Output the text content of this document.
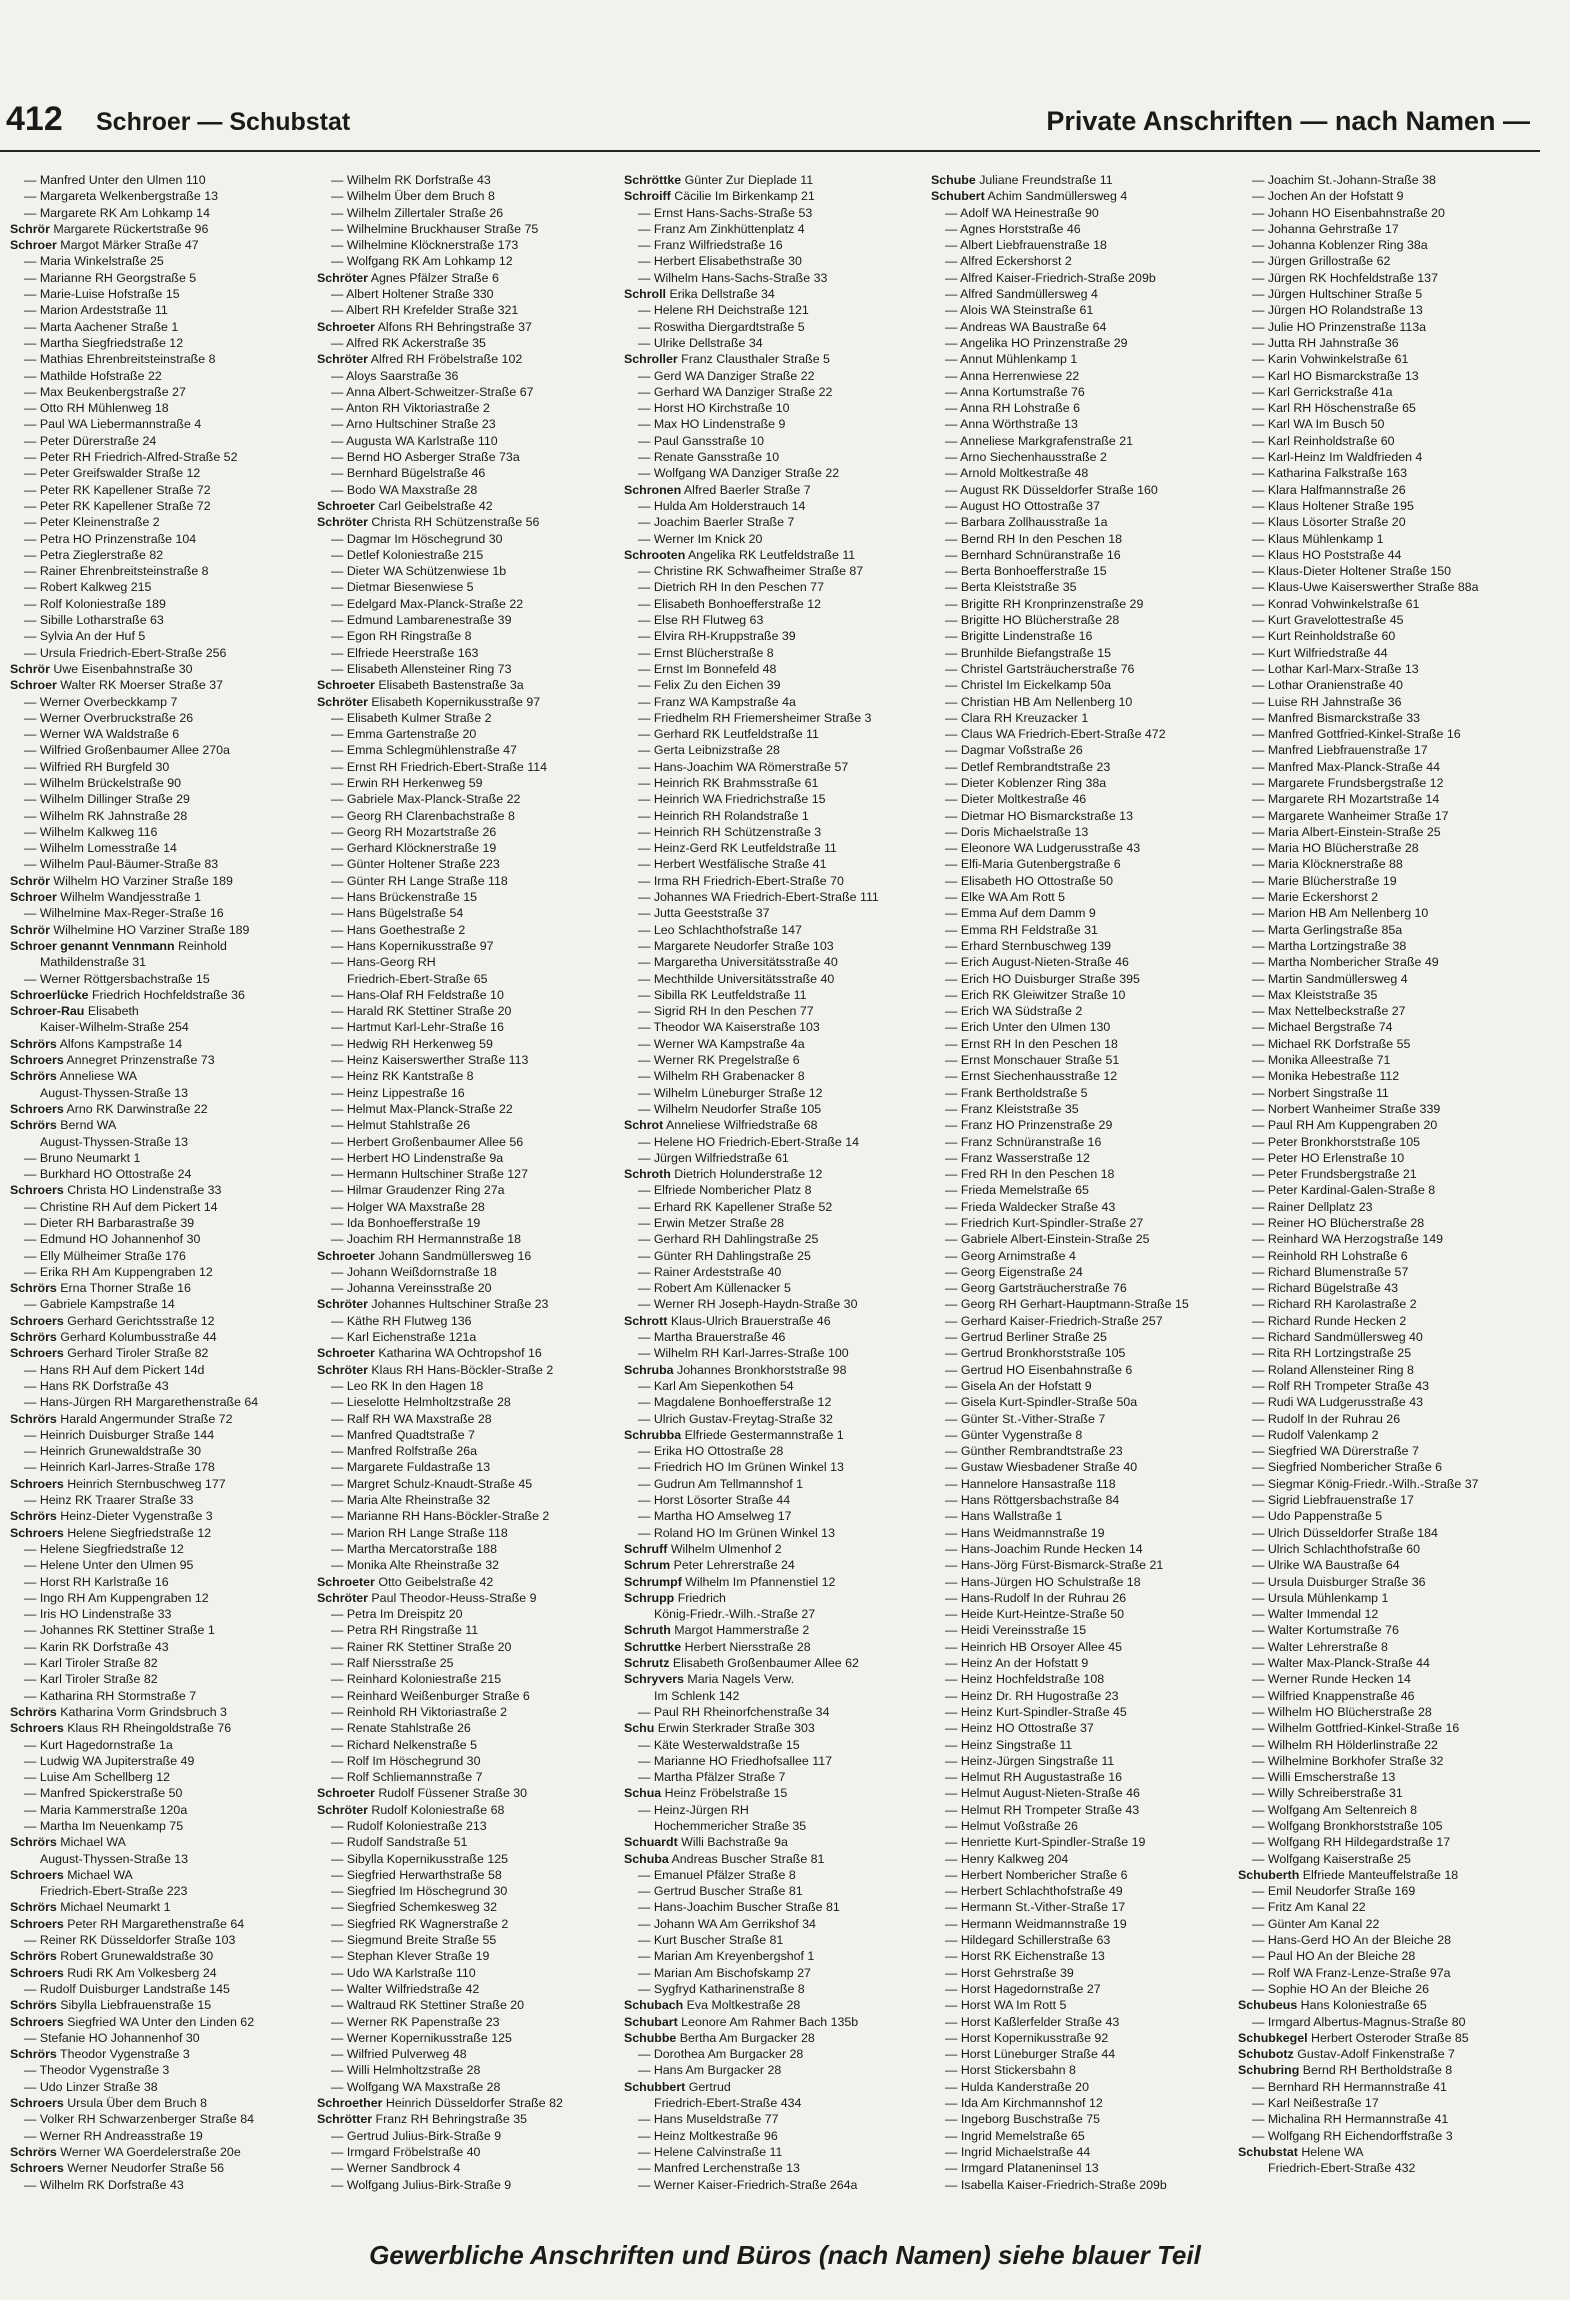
412 Schroer — Schubstat	Private Anschriften — nach Namen —
— Manfred Unter den Ulmen 110
— Margareta Welkenbergstraße 13
— Margarete RK Am Lohkamp 14
Schrör Margarete Rückertstraße 96
Schroer Margot Märker Straße 47
— Maria Winkelstraße 25
— Marianne RH Georgstraße 5
— Marie-Luise Hofstraße 15
— Marion Ardeststraße 11
— Marta Aachener Straße 1
— Martha Siegfriedstraße 12
— Mathias Ehrenbreitsteinstraße 8
— Mathilde Hofstraße 22
— Max Beukenbergstraße 27
— Otto RH Mühlenweg 18
— Paul WA Liebermannstraße 4
— Peter Dürerstraße 24
— Peter RH Friedrich-Alfred-Straße 52
— Peter Greifswalder Straße 12
— Peter RK Kapellener Straße 72
— Peter RK Kapellener Straße 72
— Peter Kleinenstraße 2
— Petra HO Prinzenstraße 104
— Petra Zieglerstraße 82
— Rainer Ehrenbreitsteinstraße 8
— Robert Kalkweg 215
— Rolf Koloniestraße 189
— Sibille Lotharstraße 63
— Sylvia An der Huf 5
— Ursula Friedrich-Ebert-Straße 256
Schrör Uwe Eisenbahnstraße 30
Schroer Walter RK Moerser Straße 37
— Werner Overbeckkamp 7
— Werner Overbruckstraße 26
— Werner WA Waldstraße 6
— Wilfried Großenbaumer Allee 270a
— Wilfried RH Burgfeld 30
— Wilhelm Brückelstraße 90
— Wilhelm Dillinger Straße 29
— Wilhelm RK Jahnstraße 28
— Wilhelm Kalkweg 116
— Wilhelm Lomesstraße 14
— Wilhelm Paul-Bäumer-Straße 83
Schrör Wilhelm HO Varziner Straße 189
Schroer Wilhelm Wandjesstraße 1
— Wilhelmine Max-Reger-Straße 16
Schrör Wilhelmine HO Varziner Straße 189
Schroer genannt Vennmann Reinhold
Mathildenstraße 31
— Werner Röttgersbachstraße 15
Schroerlücke Friedrich Hochfeldstraße 36
Schroer-Rau Elisabeth
Kaiser-Wilhelm-Straße 254
Schrörs Alfons Kampstraße 14
Schroers Annegret Prinzenstraße 73
Schrörs Anneliese WA
August-Thyssen-Straße 13
Schroers Arno RK Darwinstraße 22
Schrörs Bernd WA
August-Thyssen-Straße 13
— Bruno Neumarkt 1
— Burkhard HO Ottostraße 24
Schroers Christa HO Lindenstraße 33
— Christine RH Auf dem Pickert 14
— Dieter RH Barbarastraße 39
— Edmund HO Johannenhof 30
— Elly Mülheimer Straße 176
— Erika RH Am Kuppengraben 12
Schrörs Erna Thorner Straße 16
— Gabriele Kampstraße 14
Schroers Gerhard Gerichtsstraße 12
Schrörs Gerhard Kolumbusstraße 44
Schroers Gerhard Tiroler Straße 82
— Hans RH Auf dem Pickert 14d
— Hans RK Dorfstraße 43
— Hans-Jürgen RH Margarethenstraße 64
Schrörs Harald Angermunder Straße 72
— Heinrich Duisburger Straße 144
— Heinrich Grunewaldstraße 30
— Heinrich Karl-Jarres-Straße 178
Schroers Heinrich Sternbuschweg 177
— Heinz RK Traarer Straße 33
Schrörs Heinz-Dieter Vygenstraße 3
Schroers Helene Siegfriedstraße 12
— Helene Siegfriedstraße 12
— Helene Unter den Ulmen 95
— Horst RH Karlstraße 16
— Ingo RH Am Kuppengraben 12
— Iris HO Lindenstraße 33
— Johannes RK Stettiner Straße 1
— Karin RK Dorfstraße 43
— Karl Tiroler Straße 82
— Karl Tiroler Straße 82
— Katharina RH Stormstraße 7
Schrörs Katharina Vorm Grindsbruch 3
Schroers Klaus RH Rheingoldstraße 76
— Kurt Hagedornstraße 1a
— Ludwig WA Jupiterstraße 49
— Luise Am Schellberg 12
— Manfred Spickerstraße 50
— Maria Kammerstraße 120a
— Martha Im Neuenkamp 75
Schrörs Michael WA
August-Thyssen-Straße 13
Schroers Michael WA
Friedrich-Ebert-Straße 223
Schrörs Michael Neumarkt 1
Schroers Peter RH Margarethenstraße 64
— Reiner RK Düsseldorfer Straße 103
Schrörs Robert Grunewaldstraße 30
Schroers Rudi RK Am Volkesberg 24
— Rudolf Duisburger Landstraße 145
Schrörs Sibylla Liebfrauenstraße 15
Schroers Siegfried WA Unter den Linden 62
— Stefanie HO Johannenhof 30
Schrörs Theodor Vygenstraße 3
— Theodor Vygenstraße 3
— Udo Linzer Straße 38
Schroers Ursula Über dem Bruch 8
— Volker RH Schwarzenberger Straße 84
— Werner RH Andreasstraße 19
Schrörs Werner WA Goerdelerstraße 20e
Schroers Werner Neudorfer Straße 56
— Wilhelm RK Dorfstraße 43
— Wilhelm RK Dorfstraße 43
— Wilhelm Über dem Bruch 8
— Wilhelm Zillertaler Straße 26
— Wilhelmine Bruckhauser Straße 75
— Wilhelmine Klöcknerstraße 173
— Wolfgang RK Am Lohkamp 12
Schröter Agnes Pfälzer Straße 6
— Albert Holtener Straße 330
— Albert RH Krefelder Straße 321
Schroeter Alfons RH Behringstraße 37
— Alfred RK Ackerstraße 35
Schröter Alfred RH Fröbelstraße 102
— Aloys Saarstraße 36
— Anna Albert-Schweitzer-Straße 67
— Anton RH Viktoriastraße 2
— Arno Hultschiner Straße 23
— Augusta WA Karlstraße 110
— Bernd HO Asberger Straße 73a
— Bernhard Bügelstraße 46
— Bodo WA Maxstraße 28
Schroeter Carl Geibelstraße 42
Schröter Christa RH Schützenstraße 56
— Dagmar Im Höschegrund 30
— Detlef Koloniestraße 215
— Dieter WA Schützenwiese 1b
— Dietmar Biesenwiese 5
— Edelgard Max-Planck-Straße 22
— Edmund Lambarenestraße 39
— Egon RH Ringstraße 8
— Elfriede Heerstraße 163
— Elisabeth Allensteiner Ring 73
Schroeter Elisabeth Bastenstraße 3a
Schröter Elisabeth Kopernikusstraße 97
— Elisabeth Kulmer Straße 2
— Emma Gartenstraße 20
— Emma Schlegmühlenstraße 47
— Ernst RH Friedrich-Ebert-Straße 114
— Erwin RH Herkenweg 59
— Gabriele Max-Planck-Straße 22
— Georg RH Clarenbachstraße 8
— Georg RH Mozartstraße 26
— Gerhard Klöcknerstraße 19
— Günter Holtener Straße 223
— Günter RH Lange Straße 118
— Hans Brückenstraße 15
— Hans Bügelstraße 54
— Hans Goethestraße 2
— Hans Kopernikusstraße 97
— Hans-Georg RH
Friedrich-Ebert-Straße 65
— Hans-Olaf RH Feldstraße 10
— Harald RK Stettiner Straße 20
— Hartmut Karl-Lehr-Straße 16
— Hedwig RH Herkenweg 59
— Heinz Kaiserswerther Straße 113
— Heinz RK Kantstraße 8
— Heinz Lippestraße 16
— Helmut Max-Planck-Straße 22
— Helmut Stahlstraße 26
— Herbert Großenbaumer Allee 56
— Herbert HO Lindenstraße 9a
— Hermann Hultschiner Straße 127
— Hilmar Graudenzer Ring 27a
— Holger WA Maxstraße 28
— Ida Bonhoefferstraße 19
— Joachim RH Hermannstraße 18
Schroeter Johann Sandmüllersweg 16
— Johann Weißdornstraße 18
— Johanna Vereinsstraße 20
Schröter Johannes Hultschiner Straße 23
— Käthe RH Flutweg 136
— Karl Eichenstraße 121a
Schroeter Katharina WA Ochtropshof 16
Schröter Klaus RH Hans-Böckler-Straße 2
— Leo RK In den Hagen 18
— Lieselotte Helmholtzstraße 28
— Ralf RH WA Maxstraße 28
— Manfred Quadtstraße 7
— Manfred Rolfstraße 26a
— Margarete Fuldastraße 13
— Margret Schulz-Knaudt-Straße 45
— Maria Alte Rheinstraße 32
— Marianne RH Hans-Böckler-Straße 2
— Marion RH Lange Straße 118
— Martha Mercatorstraße 188
— Monika Alte Rheinstraße 32
Schroeter Otto Geibelstraße 42
Schröter Paul Theodor-Heuss-Straße 9
— Petra Im Dreispitz 20
— Petra RH Ringstraße 11
— Rainer RK Stettiner Straße 20
— Ralf Niersstraße 25
— Reinhard Koloniestraße 215
— Reinhard Weißenburger Straße 6
— Reinhold RH Viktoriastraße 2
— Renate Stahlstraße 26
— Richard Nelkenstraße 5
— Rolf Im Höschegrund 30
— Rolf Schliemannstraße 7
Schroeter Rudolf Füssener Straße 30
Schröter Rudolf Koloniestraße 68
— Rudolf Koloniestraße 213
— Rudolf Sandstraße 51
— Sibylla Kopernikusstraße 125
— Siegfried Herwarthstraße 58
— Siegfried Im Höschegrund 30
— Siegfried Schemkesweg 32
— Siegfried RK Wagnerstraße 2
— Siegmund Breite Straße 55
— Stephan Klever Straße 19
— Udo WA Karlstraße 110
— Walter Wilfriedstraße 42
— Waltraud RK Stettiner Straße 20
— Werner RK Papenstraße 23
— Werner Kopernikusstraße 125
— Wilfried Pulverweg 48
— Willi Helmholtzstraße 28
— Wolfgang WA Maxstraße 28
Schroether Heinrich Düsseldorfer Straße 82
Schrötter Franz RH Behringstraße 35
— Gertrud Julius-Birk-Straße 9
— Irmgard Fröbelstraße 40
— Werner Sandbrock 4
— Wolfgang Julius-Birk-Straße 9
Schröttke Günter Zur Dieplade 11
Schroiff Cäcilie Im Birkenkamp 21
— Ernst Hans-Sachs-Straße 53
— Franz Am Zinkhüttenplatz 4
— Franz Wilfriedstraße 16
— Herbert Elisabethstraße 30
— Wilhelm Hans-Sachs-Straße 33
Schroll Erika Dellstraße 34
— Helene RH Deichstraße 121
— Roswitha Diergardtstraße 5
— Ulrike Dellstraße 34
Schroller Franz Clausthaler Straße 5
— Gerd WA Danziger Straße 22
— Gerhard WA Danziger Straße 22
— Horst HO Kirchstraße 10
— Max HO Lindenstraße 9
— Paul Gansstraße 10
— Renate Gansstraße 10
— Wolfgang WA Danziger Straße 22
Schronen Alfred Baerler Straße 7
— Hulda Am Holderstrauch 14
— Joachim Baerler Straße 7
— Werner Im Knick 20
Schrooten Angelika RK Leutfeldstraße 11
— Christine RK Schwafheimer Straße 87
— Dietrich RH In den Peschen 77
— Elisabeth Bonhoefferstraße 12
— Else RH Flutweg 63
— Elvira RH-Kruppstraße 39
— Ernst Blücherstraße 8
— Ernst Im Bonnefeld 48
— Felix Zu den Eichen 39
— Franz WA Kampstraße 4a
— Friedhelm RH Friemersheimer Straße 3
— Gerhard RK Leutfeldstraße 11
— Gerta Leibnizstraße 28
— Hans-Joachim WA Römerstraße 57
— Heinrich RK Brahmsstraße 61
— Heinrich WA Friedrichstraße 15
— Heinrich RH Rolandstraße 1
— Heinrich RH Schützenstraße 3
— Heinz-Gerd RK Leutfeldstraße 11
— Herbert Westfälische Straße 41
— Irma RH Friedrich-Ebert-Straße 70
— Johannes WA Friedrich-Ebert-Straße 111
— Jutta Geeststraße 37
— Leo Schlachthofstraße 147
— Margarete Neudorfer Straße 103
— Margaretha Universitätsstraße 40
— Mechthilde Universitätsstraße 40
— Sibilla RK Leutfeldstraße 11
— Sigrid RH In den Peschen 77
— Theodor WA Kaiserstraße 103
— Werner WA Kampstraße 4a
— Werner RK Pregelstraße 6
— Wilhelm RH Grabenacker 8
— Wilhelm Lüneburger Straße 12
— Wilhelm Neudorfer Straße 105
Schrot Anneliese Wilfriedstraße 68
— Helene HO Friedrich-Ebert-Straße 14
— Jürgen Wilfriedstraße 61
Schroth Dietrich Holunderstraße 12
— Elfriede Nombericher Platz 8
— Erhard RK Kapellener Straße 52
— Erwin Metzer Straße 28
— Gerhard RH Dahlingstraße 25
— Günter RH Dahlingstraße 25
— Rainer Ardeststraße 40
— Robert Am Küllenacker 5
— Werner RH Joseph-Haydn-Straße 30
Schrott Klaus-Ulrich Brauerstraße 46
— Martha Brauerstraße 46
— Wilhelm RH Karl-Jarres-Straße 100
Schruba Johannes Bronkhorststraße 98
— Karl Am Siepenkothen 54
— Magdalene Bonhoefferstraße 12
— Ulrich Gustav-Freytag-Straße 32
Schrubba Elfriede Gestermannstraße 1
— Erika HO Ottostraße 28
— Friedrich HO Im Grünen Winkel 13
— Gudrun Am Tellmannshof 1
— Horst Lösorter Straße 44
— Martha HO Amselweg 17
— Roland HO Im Grünen Winkel 13
Schruff Wilhelm Ulmenhof 2
Schrum Peter Lehrerstraße 24
Schrumpf Wilhelm Im Pfannenstiel 12
Schrupp Friedrich
König-Friedr.-Wilh.-Straße 27
Schruth Margot Hammerstraße 2
Schruttke Herbert Niersstraße 28
Schrutz Elisabeth Großenbaumer Allee 62
Schryvers Maria Nagels Verw.
Im Schlenk 142
— Paul RH Rheinorfchenstraße 34
Schu Erwin Sterkrader Straße 303
— Käte Westerwaldstraße 15
— Marianne HO Friedhofsallee 117
— Martha Pfälzer Straße 7
Schua Heinz Fröbelstraße 15
— Heinz-Jürgen RH
Hochemmericher Straße 35
Schuardt Willi Bachstraße 9a
Schuba Andreas Buscher Straße 81
— Emanuel Pfälzer Straße 8
— Gertrud Buscher Straße 81
— Hans-Joachim Buscher Straße 81
— Johann WA Am Gerrikshof 34
— Kurt Buscher Straße 81
— Marian Am Kreyenbergshof 1
— Marian Am Bischofskamp 27
— Sygfryd Katharinenstraße 8
Schubach Eva Moltkestraße 28
Schubart Leonore Am Rahmer Bach 135b
Schubbe Bertha Am Burgacker 28
— Dorothea Am Burgacker 28
— Hans Am Burgacker 28
Schubbert Gertrud
Friedrich-Ebert-Straße 434
— Hans Museldstraße 77
— Heinz Moltkestraße 96
— Helene Calvinstraße 11
— Manfred Lerchenstraße 13
— Werner Kaiser-Friedrich-Straße 264a
Schube Juliane Freundstraße 11
Schubert Achim Sandmüllersweg 4
— Adolf WA Heinestraße 90
— Agnes Horststraße 46
— Albert Liebfrauenstraße 18
— Alfred Eckershorst 2
— Alfred Kaiser-Friedrich-Straße 209b
— Alfred Sandmüllersweg 4
— Alois WA Steinstraße 61
— Andreas WA Baustraße 64
— Angelika HO Prinzenstraße 29
— Annut Mühlenkamp 1
— Anna Herrenwiese 22
— Anna Kortumstraße 76
— Anna RH Lohstraße 6
— Anna Wörthstraße 13
— Anneliese Markgrafenstraße 21
— Arno Siechenhausstraße 2
— Arnold Moltkestraße 48
— August RK Düsseldorfer Straße 160
— August HO Ottostraße 37
— Barbara Zollhausstraße 1a
— Bernd RH In den Peschen 18
— Bernhard Schnüranstraße 16
— Berta Bonhoefferstraße 15
— Berta Kleiststraße 35
— Brigitte RH Kronprinzenstraße 29
— Brigitte HO Blücherstraße 28
— Brigitte Lindenstraße 16
— Brunhilde Biefangstraße 15
— Christel Gartsträucherstraße 76
— Christel Im Eickelkamp 50a
— Christian HB Am Nellenberg 10
— Clara RH Kreuzacker 1
— Claus WA Friedrich-Ebert-Straße 472
— Dagmar Voßstraße 26
— Detlef Rembrandtstraße 23
— Dieter Koblenzer Ring 38a
— Dieter Moltkestraße 46
— Dietmar HO Bismarckstraße 13
— Doris Michaelstraße 13
— Eleonore WA Ludgerusstraße 43
— Elfi-Maria Gutenbergstraße 6
— Elisabeth HO Ottostraße 50
— Elke WA Am Rott 5
— Emma Auf dem Damm 9
— Emma RH Feldstraße 31
— Erhard Sternbuschweg 139
— Erich August-Nieten-Straße 46
— Erich HO Duisburger Straße 395
— Erich RK Gleiwitzer Straße 10
— Erich WA Südstraße 2
— Erich Unter den Ulmen 130
— Ernst RH In den Peschen 18
— Ernst Monschauer Straße 51
— Ernst Siechenhausstraße 12
— Frank Bertholdstraße 5
— Franz Kleiststraße 35
— Franz HO Prinzenstraße 29
— Franz Schnüranstraße 16
— Franz Wasserstraße 12
— Fred RH In den Peschen 18
— Frieda Memelstraße 65
— Frieda Waldecker Straße 43
— Friedrich Kurt-Spindler-Straße 27
— Gabriele Albert-Einstein-Straße 25
— Georg Arnimstraße 4
— Georg Eigenstraße 24
— Georg Gartsträucherstraße 76
— Georg RH Gerhart-Hauptmann-Straße 15
— Gerhard Kaiser-Friedrich-Straße 257
— Gertrud Berliner Straße 25
— Gertrud Bronkhorststraße 105
— Gertrud HO Eisenbahnstraße 6
— Gisela An der Hofstatt 9
— Gisela Kurt-Spindler-Straße 50a
— Günter St.-Vither-Straße 7
— Günter Vygenstraße 8
— Günther Rembrandtstraße 23
— Gustaw Wiesbadener Straße 40
— Hannelore Hansastraße 118
— Hans Röttgersbachstraße 84
— Hans Wallstraße 1
— Hans Weidmannstraße 19
— Hans-Joachim Runde Hecken 14
— Hans-Jörg Fürst-Bismarck-Straße 21
— Hans-Jürgen HO Schulstraße 18
— Hans-Rudolf In der Ruhrau 26
— Heide Kurt-Heintze-Straße 50
— Heidi Vereinsstraße 15
— Heinrich HB Orsoyer Allee 45
— Heinz An der Hofstatt 9
— Heinz Hochfeldstraße 108
— Heinz Dr. RH Hugostraße 23
— Heinz Kurt-Spindler-Straße 45
— Heinz HO Ottostraße 37
— Heinz Singstraße 11
— Heinz-Jürgen Singstraße 11
— Helmut RH Augustastraße 16
— Helmut August-Nieten-Straße 46
— Helmut RH Trompeter Straße 43
— Helmut Voßstraße 26
— Henriette Kurt-Spindler-Straße 19
— Henry Kalkweg 204
— Herbert Nombericher Straße 6
— Herbert Schlachthofstraße 49
— Hermann St.-Vither-Straße 17
— Hermann Weidmannstraße 19
— Hildegard Schillerstraße 63
— Horst RK Eichenstraße 13
— Horst Gehrstraße 39
— Horst Hagedornstraße 27
— Horst WA Im Rott 5
— Horst Kaßlerfelder Straße 43
— Horst Kopernikusstraße 92
— Horst Lüneburger Straße 44
— Horst Stickersbahn 8
— Hulda Kanderstraße 20
— Ida Am Kirchmannshof 12
— Ingeborg Buschstraße 75
— Ingrid Memelstraße 65
— Ingrid Michaelstraße 44
— Irmgard Plataneninsel 13
— Isabella Kaiser-Friedrich-Straße 209b
— Joachim St.-Johann-Straße 38
— Jochen An der Hofstatt 9
— Johann HO Eisenbahnstraße 20
— Johanna Gehrstraße 17
— Johanna Koblenzer Ring 38a
— Jürgen Grillostraße 62
— Jürgen RK Hochfeldstraße 137
— Jürgen Hultschiner Straße 5
— Jürgen HO Rolandstraße 13
— Julie HO Prinzenstraße 113a
— Jutta RH Jahnstraße 36
— Karin Vohwinkelstraße 61
— Karl HO Bismarckstraße 13
— Karl Gerrickstraße 41a
— Karl RH Höschenstraße 65
— Karl WA Im Busch 50
— Karl Reinholdstraße 60
— Karl-Heinz Im Waldfrieden 4
— Katharina Falkstraße 163
— Klara Halfmannstraße 26
— Klaus Holtener Straße 195
— Klaus Lösorter Straße 20
— Klaus Mühlenkamp 1
— Klaus HO Poststraße 44
— Klaus-Dieter Holtener Straße 150
— Klaus-Uwe Kaiserswerther Straße 88a
— Konrad Vohwinkelstraße 61
— Kurt Gravelottestraße 45
— Kurt Reinholdstraße 60
— Kurt Wilfriedstraße 44
— Lothar Karl-Marx-Straße 13
— Lothar Oranienstraße 40
— Luise RH Jahnstraße 36
— Manfred Bismarckstraße 33
— Manfred Gottfried-Kinkel-Straße 16
— Manfred Liebfrauenstraße 17
— Manfred Max-Planck-Straße 44
— Margarete Frundsbergstraße 12
— Margarete RH Mozartstraße 14
— Margarete Wanheimer Straße 17
— Maria Albert-Einstein-Straße 25
— Maria HO Blücherstraße 28
— Maria Klöcknerstraße 88
— Marie Blücherstraße 19
— Marie Eckershorst 2
— Marion HB Am Nellenberg 10
— Marta Gerlingstraße 85a
— Martha Lortzingstraße 38
— Martha Nombericher Straße 49
— Martin Sandmüllersweg 4
— Max Kleiststraße 35
— Max Nettelbeckstraße 27
— Michael Bergstraße 74
— Michael RK Dorfstraße 55
— Monika Alleestraße 71
— Monika Hebestraße 112
— Norbert Singstraße 11
— Norbert Wanheimer Straße 339
— Paul RH Am Kuppengraben 20
— Peter Bronkhorststraße 105
— Peter HO Erlenstraße 10
— Peter Frundsbergstraße 21
— Peter Kardinal-Galen-Straße 8
— Rainer Dellplatz 23
— Reiner HO Blücherstraße 28
— Reinhard WA Herzogstraße 149
— Reinhold RH Lohstraße 6
— Richard Blumenstraße 57
— Richard Bügelstraße 43
— Richard RH Karolastraße 2
— Richard Runde Hecken 2
— Richard Sandmüllersweg 40
— Rita RH Lortzingstraße 25
— Roland Allensteiner Ring 8
— Rolf RH Trompeter Straße 43
— Rudi WA Ludgerusstraße 43
— Rudolf In der Ruhrau 26
— Rudolf Valenkamp 2
— Siegfried WA Dürerstraße 7
— Siegfried Nombericher Straße 6
— Siegmar König-Friedr.-Wilh.-Straße 37
— Sigrid Liebfrauenstraße 17
— Udo Pappenstraße 5
— Ulrich Düsseldorfer Straße 184
— Ulrich Schlachthofstraße 60
— Ulrike WA Baustraße 64
— Ursula Duisburger Straße 36
— Ursula Mühlenkamp 1
— Walter Immendal 12
— Walter Kortumstraße 76
— Walter Lehrerstraße 8
— Walter Max-Planck-Straße 44
— Werner Runde Hecken 14
— Wilfried Knappenstraße 46
— Wilhelm HO Blücherstraße 28
— Wilhelm Gottfried-Kinkel-Straße 16
— Wilhelm RH Hölderlinstraße 22
— Wilhelmine Borkhofer Straße 32
— Willi Emscherstraße 13
— Willy Schreiberstraße 31
— Wolfgang Am Seltenreich 8
— Wolfgang Bronkhorststraße 105
— Wolfgang RH Hildegardstraße 17
— Wolfgang Kaiserstraße 25
Schuberth Elfriede Manteuffelstraße 18
— Emil Neudorfer Straße 169
— Fritz Am Kanal 22
— Günter Am Kanal 22
— Hans-Gerd HO An der Bleiche 28
— Paul HO An der Bleiche 28
— Rolf WA Franz-Lenze-Straße 97a
— Sophie HO An der Bleiche 26
Schubeus Hans Koloniestraße 65
— Irmgard Albertus-Magnus-Straße 80
Schubkegel Herbert Osteroder Straße 85
Schubotz Gustav-Adolf Finkenstraße 7
Schubring Bernd RH Bertholdstraße 8
— Bernhard RH Hermannstraße 41
— Karl Neißestraße 17
— Michalina RH Hermannstraße 41
— Wolfgang RH Eichendorffstraße 3
Schubstat Helene WA
Friedrich-Ebert-Straße 432
Gewerbliche Anschriften und Büros (nach Namen) siehe blauer Teil
